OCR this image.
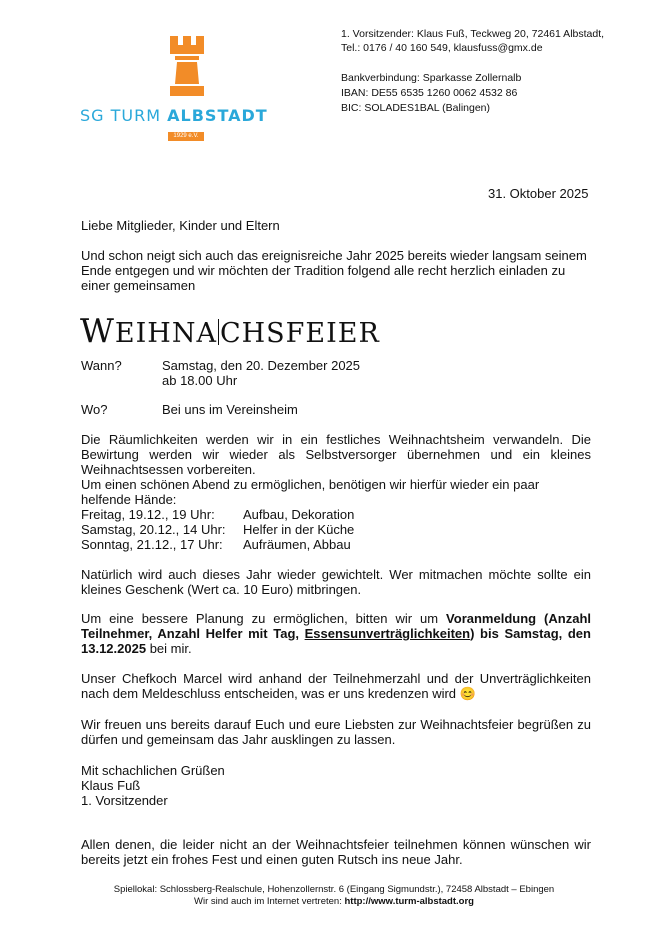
SG TURM ALBSTADT
1929 e.V.
1. Vorsitzender: Klaus Fuß, Teckweg 20, 72461 Albstadt,
Tel.: 0176 / 40 160 549, klausfuss@gmx.de
Bankverbindung: Sparkasse Zollernalb
IBAN: DE55 6535 1260 0062 4532 86
BIC: SOLADES1BAL (Balingen)
31. Oktober 2025
Liebe Mitglieder, Kinder und Eltern
Und schon neigt sich auch das ereignisreiche Jahr 2025 bereits wieder langsam seinem Ende entgegen und wir möchten der Tradition folgend alle recht herzlich einladen zu einer gemeinsamen
WEIHNA CHSFEIER
Wann?	Samstag, den 20. Dezember 2025
ab 18.00 Uhr
Wo?	Bei uns im Vereinsheim
Die Räumlichkeiten werden wir in ein festliches Weihnachtsheim verwandeln. Die Bewirtung werden wir wieder als Selbstversorger übernehmen und ein kleines Weihnachtsessen vorbereiten.
Um einen schönen Abend zu ermöglichen, benötigen wir hierfür wieder ein paar helfende Hände:
Freitag, 19.12., 19 Uhr: Aufbau, Dekoration
Samstag, 20.12., 14 Uhr: Helfer in der Küche
Sonntag, 21.12., 17 Uhr: Aufräumen, Abbau
Natürlich wird auch dieses Jahr wieder gewichtelt. Wer mitmachen möchte sollte ein kleines Geschenk (Wert ca. 10 Euro) mitbringen.
Um eine bessere Planung zu ermöglichen, bitten wir um Voranmeldung (Anzahl Teilnehmer, Anzahl Helfer mit Tag, Essensunverträglichkeiten) bis Samstag, den 13.12.2025 bei mir.
Unser Chefkoch Marcel wird anhand der Teilnehmerzahl und der Unverträglichkeiten nach dem Meldeschluss entscheiden, was er uns kredenzen wird 😊
Wir freuen uns bereits darauf Euch und eure Liebsten zur Weihnachtsfeier begrüßen zu dürfen und gemeinsam das Jahr ausklingen zu lassen.
Mit schachlichen Grüßen
Klaus Fuß
1. Vorsitzender
Allen denen, die leider nicht an der Weihnachtsfeier teilnehmen können wünschen wir bereits jetzt ein frohes Fest und einen guten Rutsch ins neue Jahr.
Spiellokal: Schlossberg-Realschule, Hohenzollernstr. 6 (Eingang Sigmundstr.), 72458 Albstadt – Ebingen
Wir sind auch im Internet vertreten: http://www.turm-albstadt.org
